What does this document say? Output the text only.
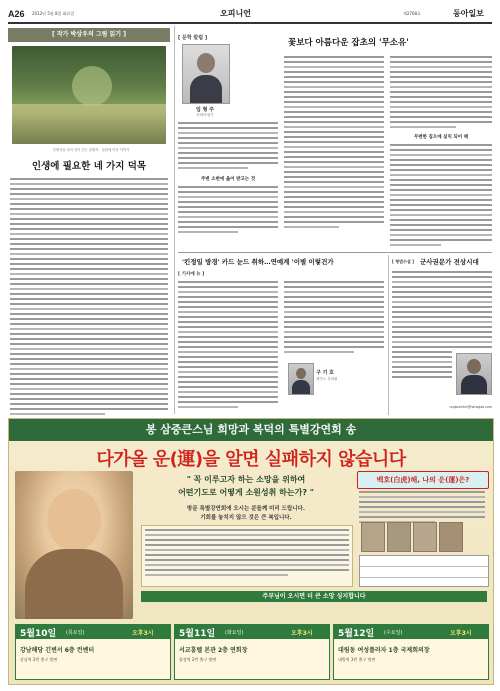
A26 2012년 5월 8일 화요일	오피니언	제2768호	동아일보
[ 작가 박상우의 그림 읽기 ]
부랑자들 마리 길이 걷는 관광지 · 상관에 아산 이야기
인생에 필요한 네 가지 덕목
[ 문학 칼럼 ]
임 형 주
문화비평가
꽃보다 아름다운 잡초의 '무소유'
주변 소변에 읊어 받고는 것
무변한 집으에 실익 되어 해
'킨정일 방경' 카드 눈드 취하…연예계 '이별 이렇건가
[ 기사에 뉴 ]
구 기 호
제가도 특파원
[ 형법수설 ] 군사권문가 전상시대
ungbuchim@hansgap.com
봉 삼중큰스님 희망과 복덕의 특별강연회 송
다가올 운(運)을 알면 실패하지 않습니다
" 꼭 이루고자 하는 소망을 위하여
어떤기도로 어떻게 소원성취 하는가? "
방문 특별강연회에 오시는 분들께 미리 드립니다.
기회를 놓치지 않으 것은 큰 복입니다.
백호(白虎)해, 나의 운(運)은?
주부님이 오시면 더 큰 소망 싱지합니다
5월10일 (목요일)	오후3시
강남해당 긴변서 6층 컨벤터
강남역 2번 출구 방면
5월11일 (화요일)	오후3시
서교흥텔 본관 2층 연회장
합정역 2번 출구 방면
5월12일 (수요일)	오후3시
대림동 여성플러자 1층 국제회의장
대방역 3번 출구 방면
